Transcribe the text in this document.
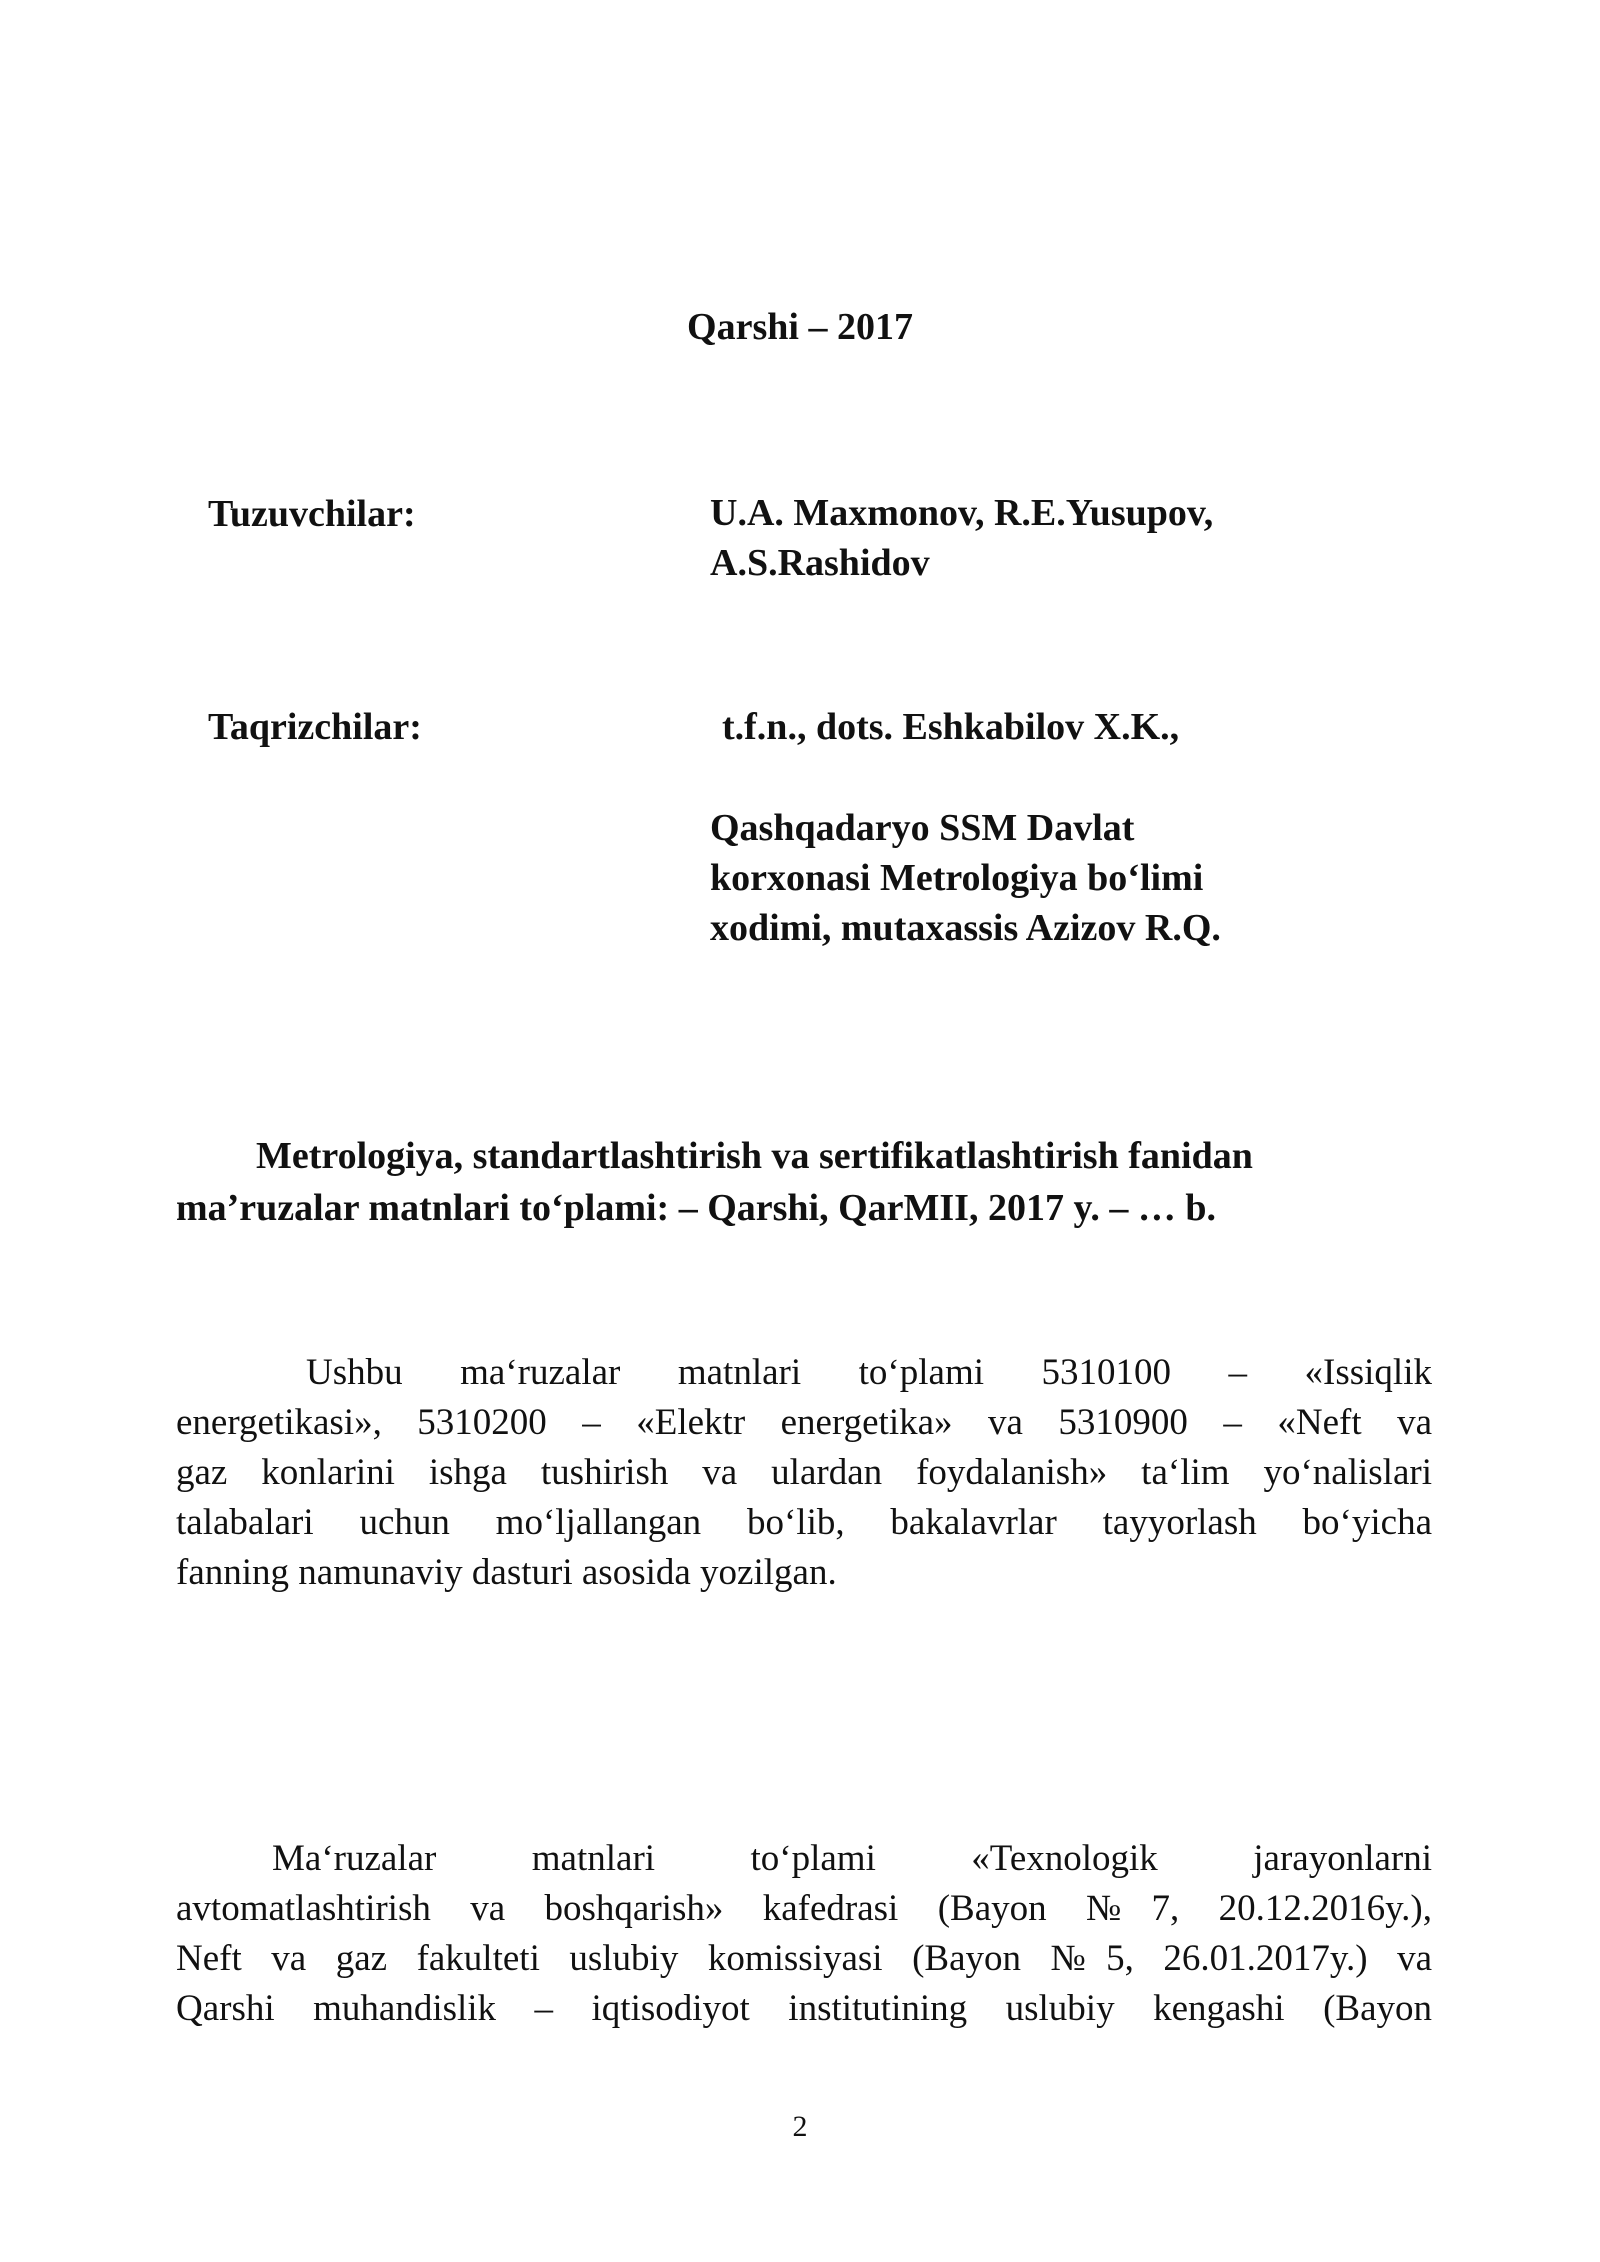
Qarshi – 2017
Tuzuvchilar:	U.A. Maxmonov, R.E.Yusupov,
A.S.Rashidov
Taqrizchilar:	t.f.n., dots. Eshkabilov X.K.,
Qashqadaryo SSM Davlat
korxonasi Metrologiya bo‘limi
xodimi, mutaxassis Azizov R.Q.
Metrologiya, standartlashtirish va sertifikatlashtirish fanidan
ma’ruzalar matnlari to‘plami: – Qarshi, QarMII, 2017 y. – … b.
Ushbu ma‘ruzalar matnlari to‘plami 5310100 – «Issiqlik
energetikasi», 5310200 – «Elektr energetika» va 5310900 – «Neft va
gaz konlarini ishga tushirish va ulardan foydalanish» ta‘lim yo‘nalislari
talabalari uchun mo‘ljallangan bo‘lib, bakalavrlar tayyorlash bo‘yicha
fanning namunaviy dasturi asosida yozilgan.
Ma‘ruzalar matnlari to‘plami «Texnologik jarayonlarni
avtomatlashtirish va boshqarish» kafedrasi (Bayon №7, 20.12.2016y.),
Neft va gaz fakulteti uslubiy komissiyasi (Bayon №5, 26.01.2017y.) va
Qarshi muhandislik – iqtisodiyot institutining uslubiy kengashi (Bayon
2
